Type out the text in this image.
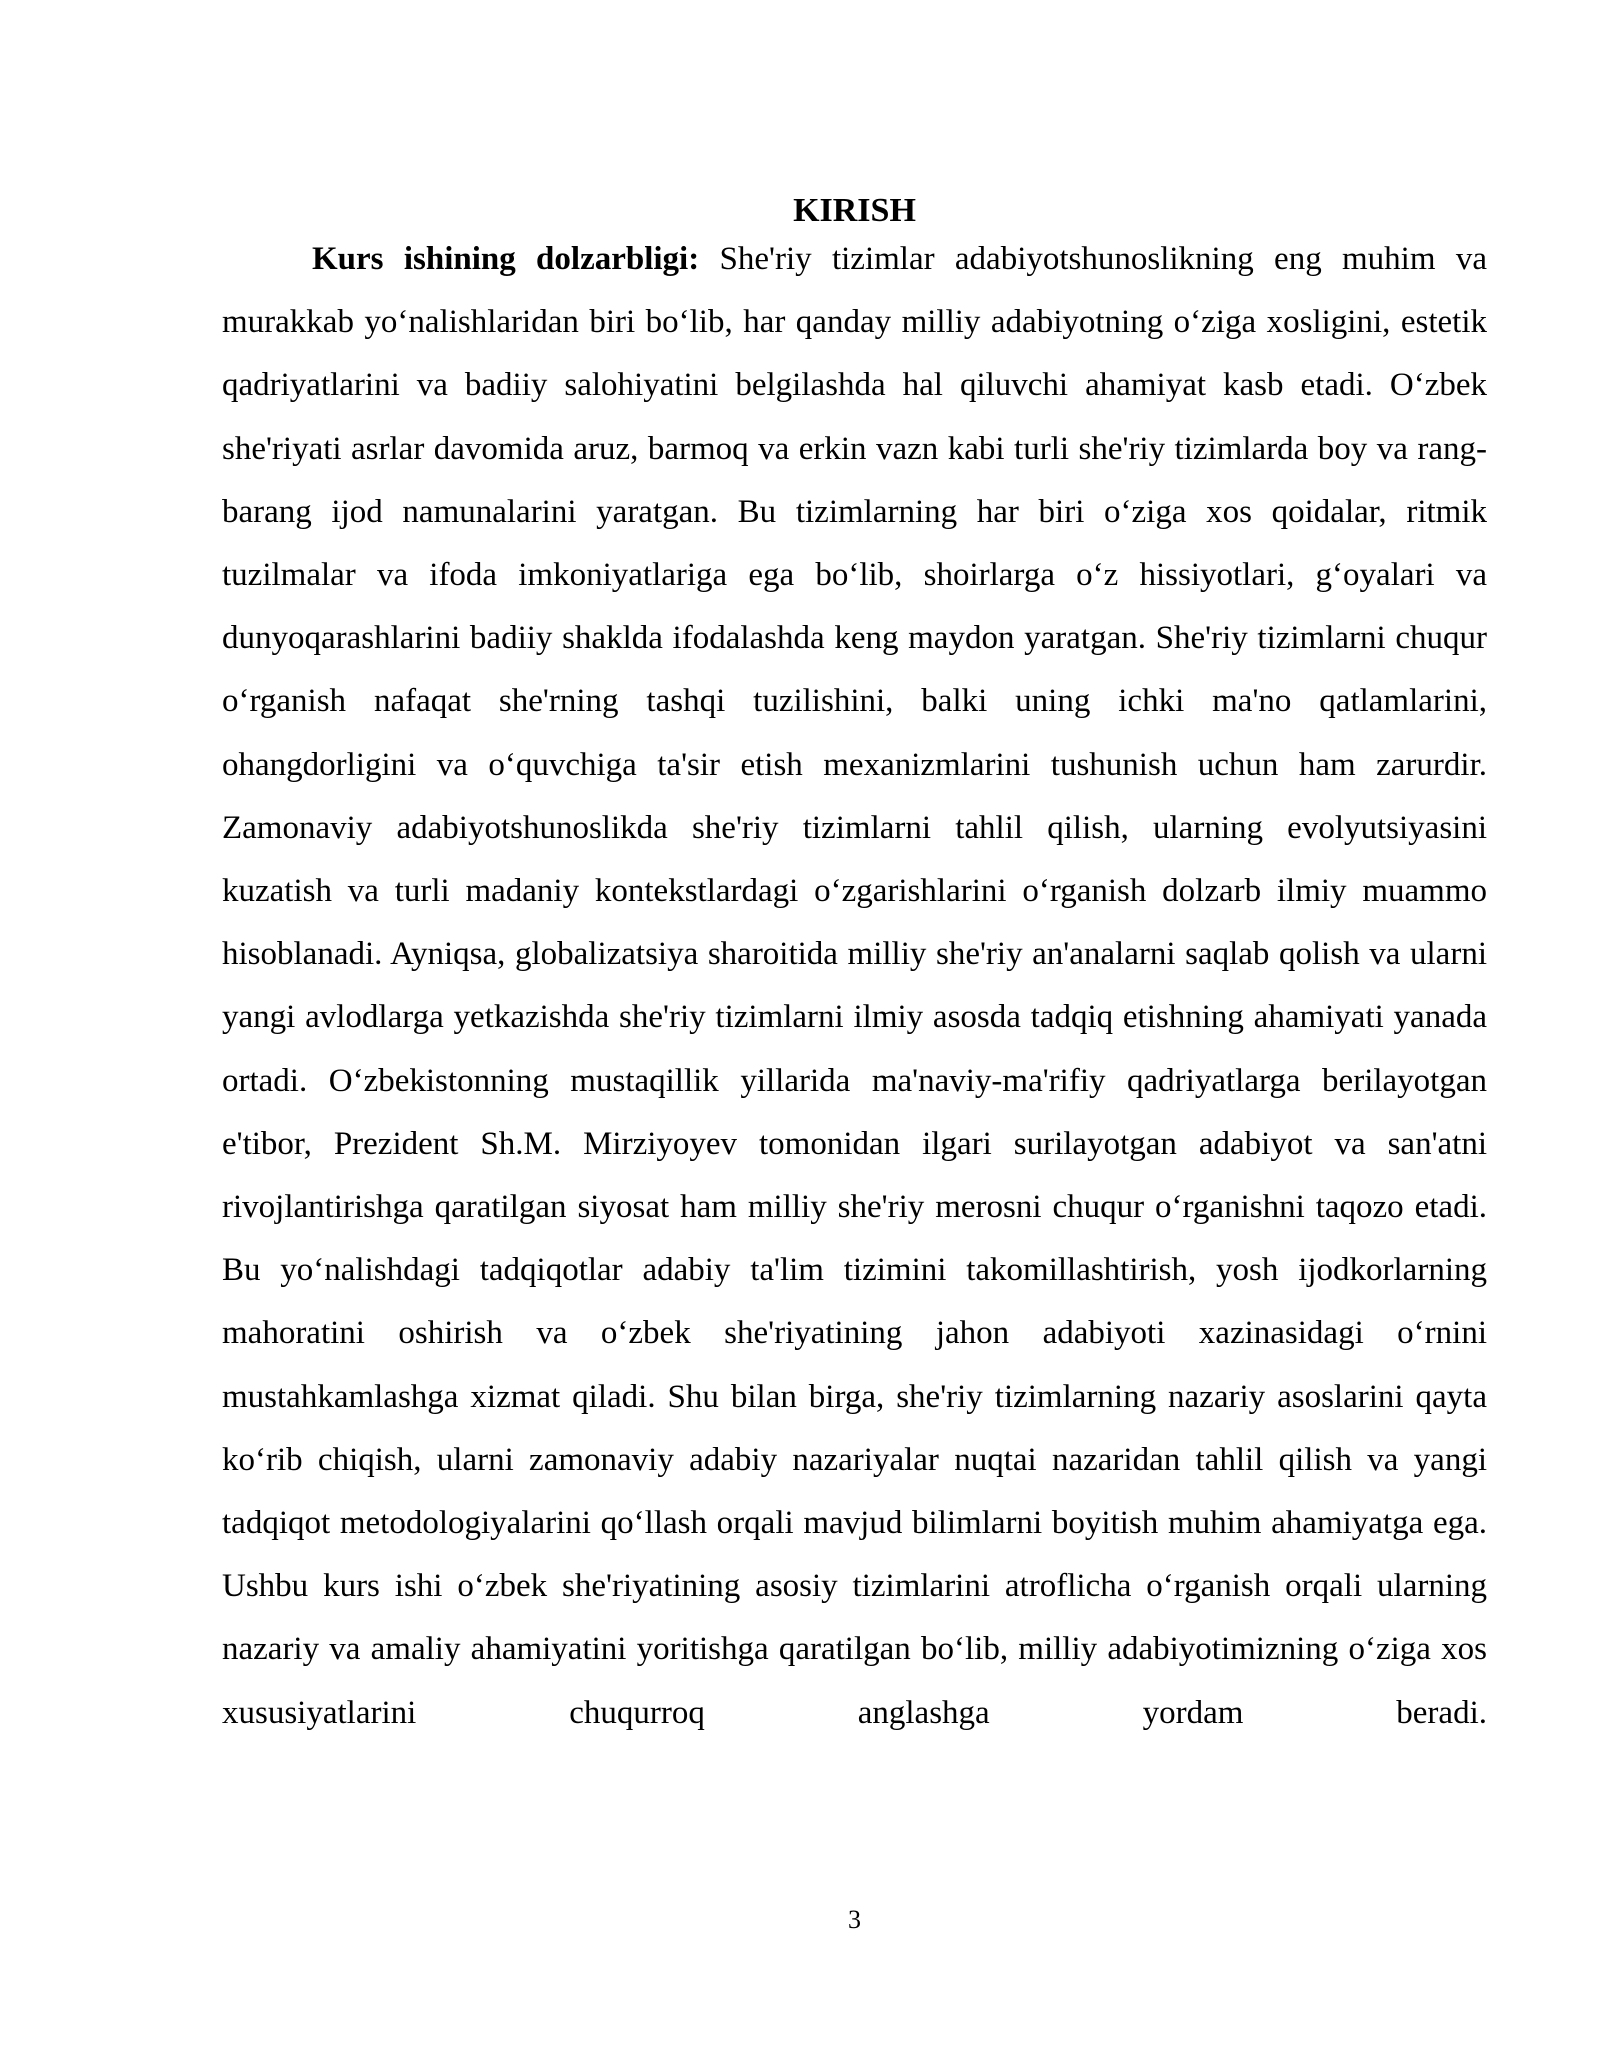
KIRISH

Kurs ishining dolzarbligi: She'riy tizimlar adabiyotshunoslikning eng muhim va murakkab yo‘nalishlaridan biri bo‘lib, har qanday milliy adabiyotning o‘ziga xosligini, estetik qadriyatlarini va badiiy salohiyatini belgilashda hal qiluvchi ahamiyat kasb etadi. O‘zbek she'riyati asrlar davomida aruz, barmoq va erkin vazn kabi turli she'riy tizimlarda boy va rang-barang ijod namunalarini yaratgan. Bu tizimlarning har biri o‘ziga xos qoidalar, ritmik tuzilmalar va ifoda imkoniyatlariga ega bo‘lib, shoirlarga o‘z hissiyotlari, g‘oyalari va dunyoqarashlarini badiiy shaklda ifodalashda keng maydon yaratgan. She'riy tizimlarni chuqur o‘rganish nafaqat she'rning tashqi tuzilishini, balki uning ichki ma'no qatlamlarini, ohangdorligini va o‘quvchiga ta'sir etish mexanizmlarini tushunish uchun ham zarurdir. Zamonaviy adabiyotshunoslikda she'riy tizimlarni tahlil qilish, ularning evolyutsiyasini kuzatish va turli madaniy kontekstlardagi o‘zgarishlarini o‘rganish dolzarb ilmiy muammo hisoblanadi. Ayniqsa, globalizatsiya sharoitida milliy she'riy an'analarni saqlab qolish va ularni yangi avlodlarga yetkazishda she'riy tizimlarni ilmiy asosda tadqiq etishning ahamiyati yanada ortadi. O‘zbekistonning mustaqillik yillarida ma'naviy-ma'rifiy qadriyatlarga berilayotgan e'tibor, Prezident Sh.M. Mirziyoyev tomonidan ilgari surilayotgan adabiyot va san'atni rivojlantirishga qaratilgan siyosat ham milliy she'riy merosni chuqur o‘rganishni taqozo etadi. Bu yo‘nalishdagi tadqiqotlar adabiy ta'lim tizimini takomillashtirish, yosh ijodkorlarning mahoratini oshirish va o‘zbek she'riyatining jahon adabiyoti xazinasidagi o‘rnini mustahkamlashga xizmat qiladi. Shu bilan birga, she'riy tizimlarning nazariy asoslarini qayta ko‘rib chiqish, ularni zamonaviy adabiy nazariyalar nuqtai nazaridan tahlil qilish va yangi tadqiqot metodologiyalarini qo‘llash orqali mavjud bilimlarni boyitish muhim ahamiyatga ega. Ushbu kurs ishi o‘zbek she'riyatining asosiy tizimlarini atroflicha o‘rganish orqali ularning nazariy va amaliy ahamiyatini yoritishga qaratilgan bo‘lib, milliy adabiyotimizning o‘ziga xos xususiyatlarini chuqurroq anglashga yordam beradi.

3
